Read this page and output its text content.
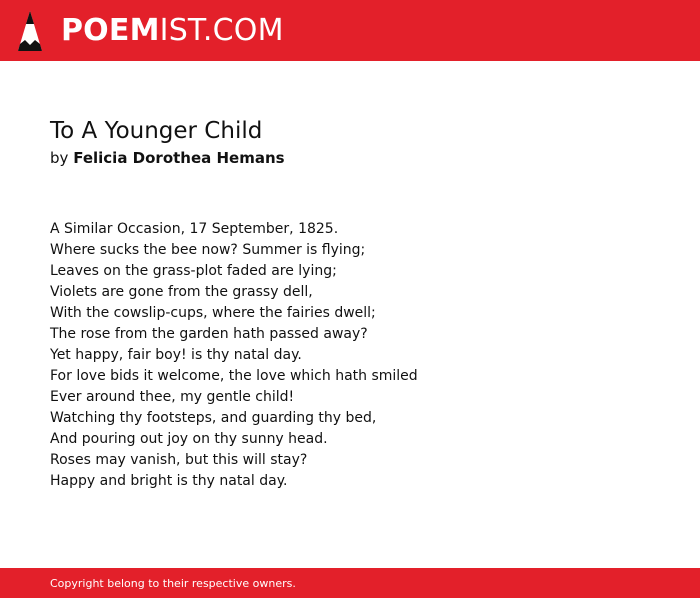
POEM IST.COM
To A Younger Child
by Felicia Dorothea Hemans
A Similar Occasion, 17 September, 1825.
Where sucks the bee now? Summer is flying;
Leaves on the grass-plot faded are lying;
Violets are gone from the grassy dell,
With the cowslip-cups, where the fairies dwell;
The rose from the garden hath passed away?
Yet happy, fair boy! is thy natal day.
For love bids it welcome, the love which hath smiled
Ever around thee, my gentle child!
Watching thy footsteps, and guarding thy bed,
And pouring out joy on thy sunny head.
Roses may vanish, but this will stay?
Happy and bright is thy natal day.
Copyright belong to their respective owners.
